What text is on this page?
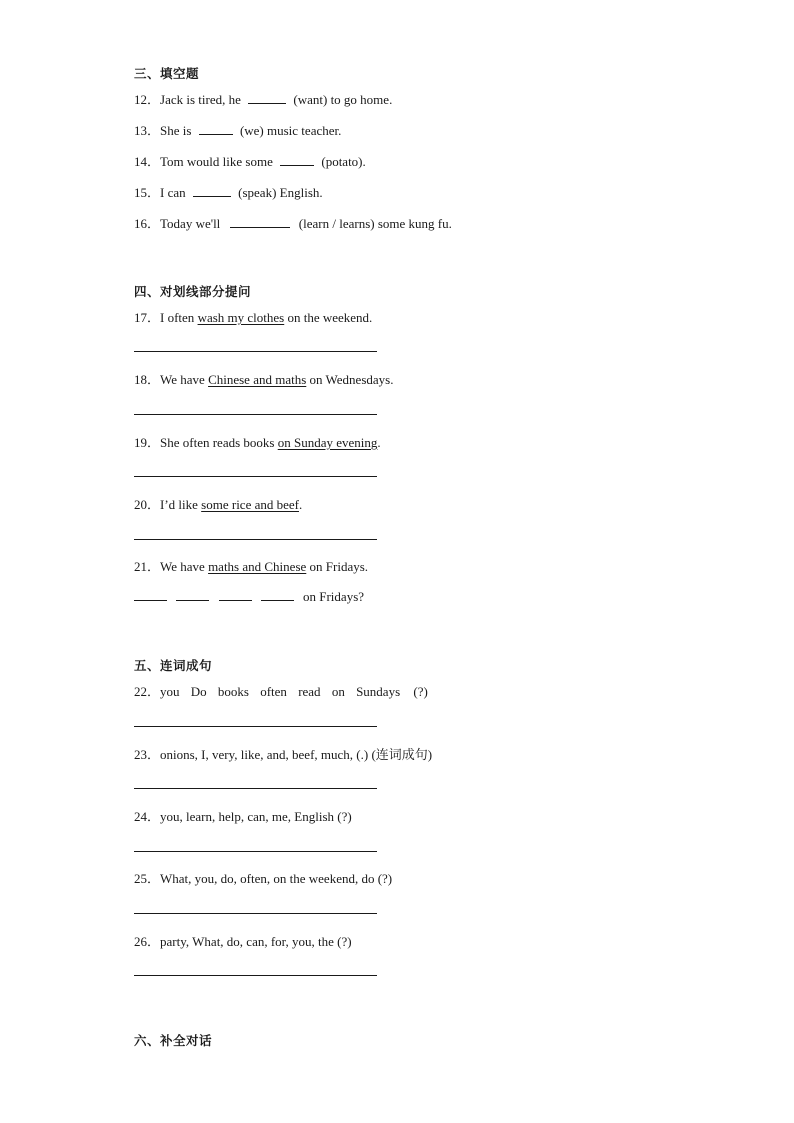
三、填空题
12．Jack is tired, he	(want) to go home.
13．She is	(we) music teacher.
14．Tom would like some	(potato).
15．I can	(speak) English.
16．Today we'll	(learn / learns) some kung fu.
四、对划线部分提问
17．I often wash my clothes on the weekend.
18．We have Chinese and maths on Wednesdays.
19．She often reads books on Sunday evening.
20．I’d like some rice and beef.
21．We have maths and Chinese on Fridays.
on Fridays?
五、连词成句
22．you Do books often read on Sundays (?)
23．onions, I, very, like, and, beef, much, (.) (连词成句)
24．you, learn, help, can, me, English (?)
25．What, you, do, often, on the weekend, do (?)
26．party, What, do, can, for, you, the (?)
六、补全对话
